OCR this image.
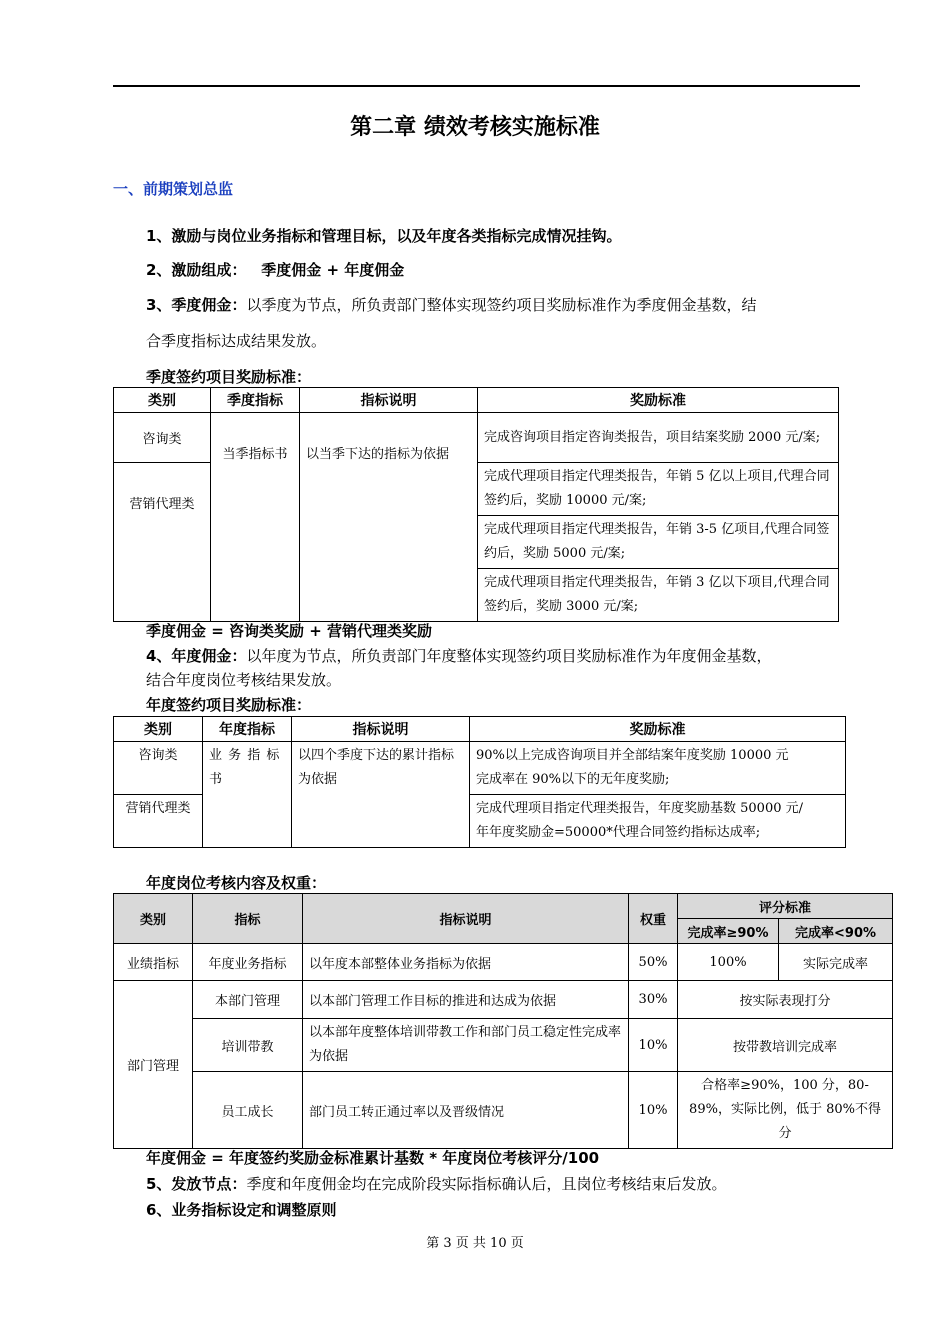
第二章 绩效考核实施标准
一、前期策划总监
1、激励与岗位业务指标和管理目标，以及年度各类指标完成情况挂钩。
2、激励组成： 季度佣金 + 年度佣金
3、季度佣金：以季度为节点，所负责部门整体实现签约项目奖励标准作为季度佣金基数，结
合季度指标达成结果发放。
季度签约项目奖励标准：
类别	季度指标	指标说明	奖励标准
咨询类	当季指标书	以当季下达的指标为依据	完成咨询项目指定咨询类报告，项目结案奖励 2000 元/案;
营销代理类			完成代理项目指定代理类报告，年销 5 亿以上项目,代理合同签约后，奖励 10000 元/案;
			完成代理项目指定代理类报告，年销 3-5 亿项目,代理合同签约后，奖励 5000 元/案;
			完成代理项目指定代理类报告，年销 3 亿以下项目,代理合同签约后，奖励 3000 元/案;
季度佣金 = 咨询类奖励 + 营销代理类奖励
4、年度佣金：以年度为节点，所负责部门年度整体实现签约项目奖励标准作为年度佣金基数，
结合年度岗位考核结果发放。
年度签约项目奖励标准：
类别	年度指标	指标说明	奖励标准
咨询类	业 务 指 标 书	以四个季度下达的累计指标为依据	90%以上完成咨询项目并全部结案年度奖励 10000 元
完成率在 90%以下的无年度奖励;

营销代理类			完成代理项目指定代理类报告，年度奖励基数 50000 元/
年年度奖励金=50000*代理合同签约指标达成率;
年度岗位考核内容及权重：
类别	指标	指标说明	权重	评分标准	
				完成率≥90%	完成率<90%
业绩指标	年度业务指标	以年度本部整体业务指标为依据	50%	100%	实际完成率
部门管理	本部门管理	以本部门管理工作目标的推进和达成为依据	30%	按实际表现打分	
	培训带教	以本部年度整体培训带教工作和部门员工稳定性完成率为依据	10%	按带教培训完成率	
	员工成长	部门员工转正通过率以及晋级情况	10%	合格率≥90%，100 分，80-89%，实际比例，低于 80%不得分	
年度佣金 = 年度签约奖励金标准累计基数 * 年度岗位考核评分/100
5、发放节点：季度和年度佣金均在完成阶段实际指标确认后，且岗位考核结束后发放。
6、业务指标设定和调整原则
第 3 页 共 10 页
